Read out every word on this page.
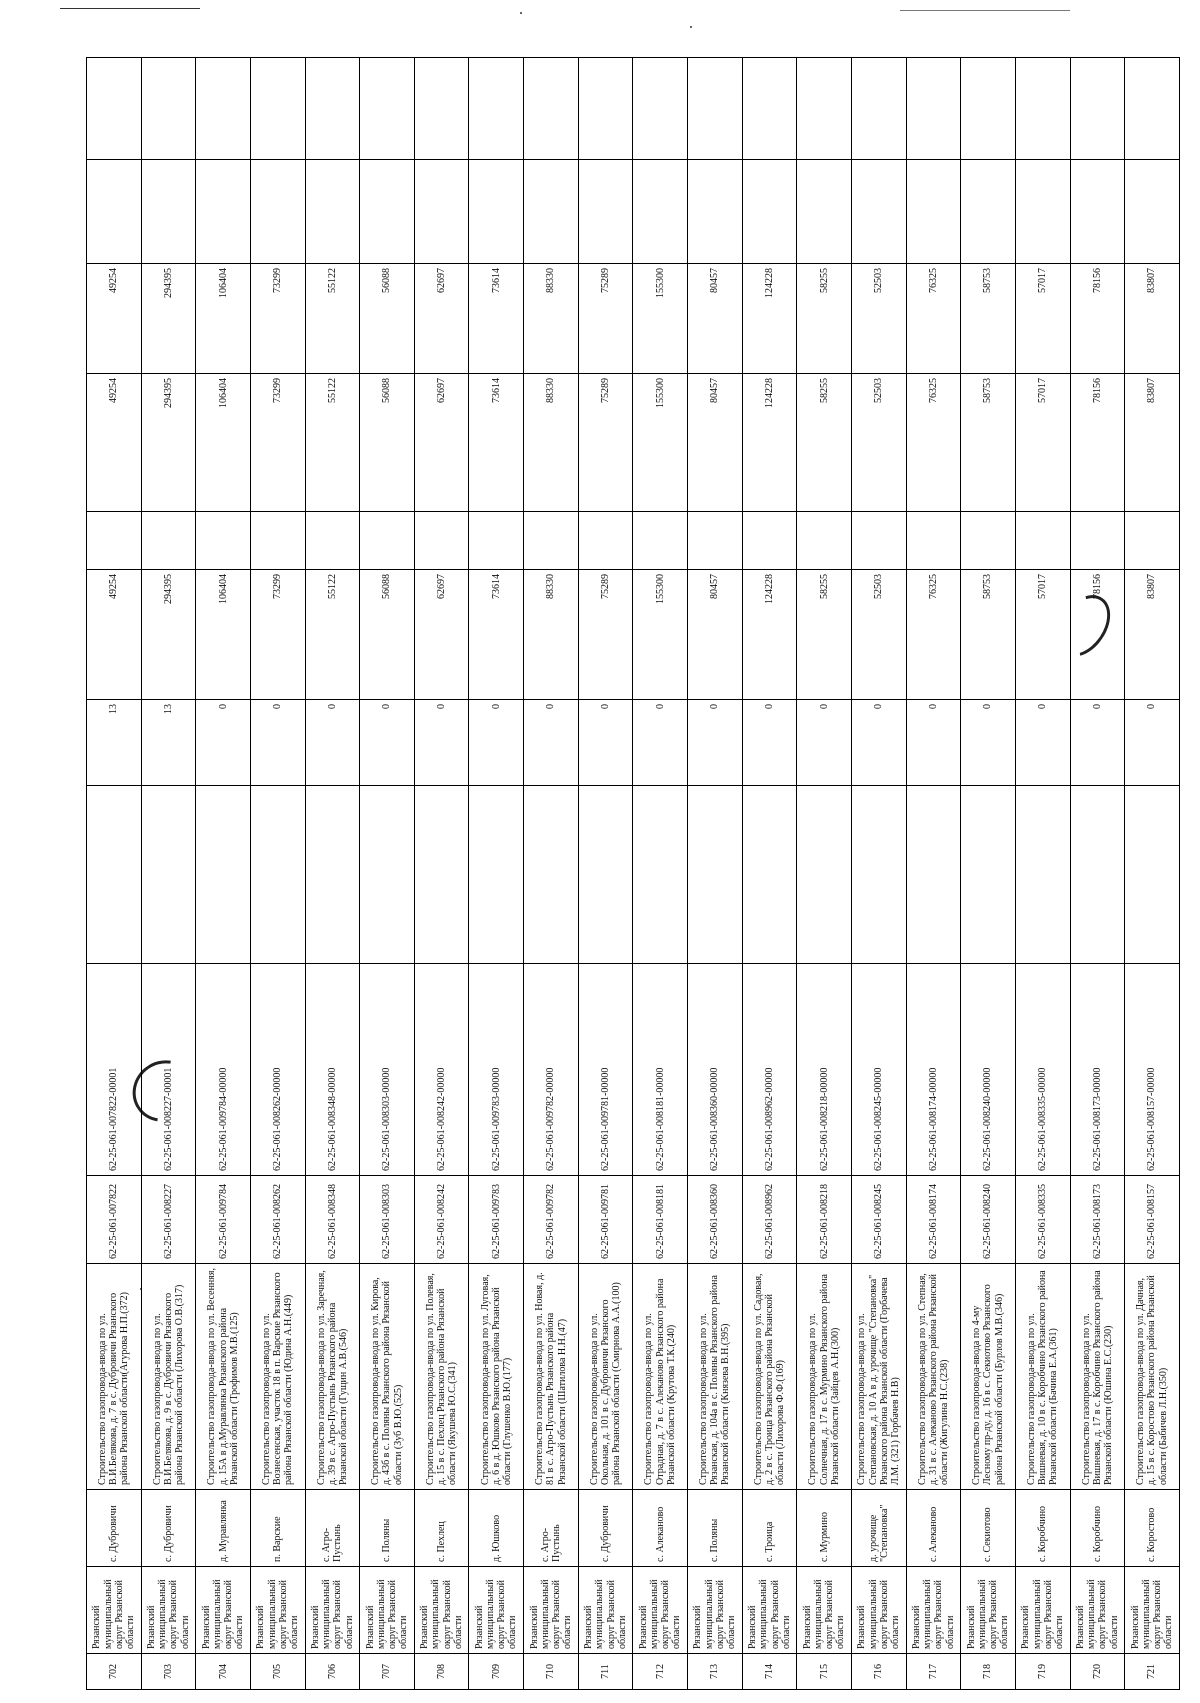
702	Рязанский муниципальный округ Рязанской области	с. Дубровичи	Строительство газопровода-ввода по ул. В.И.Белякова, д. 7 в с. Дубровичи Рязанского района Рязанской области(Агурова Н.П.(372)	62-25-061-007822	62-25-061-007822-00001		13	49254		49254	49254		
703	Рязанский муниципальный округ Рязанской области	с. Дубровичи	Строительство газопровода-ввода по ул. В.И.Белякова, д. 9 в с. Дубровичи Рязанского района Рязанской области (Лихорова О.В.(317)	62-25-061-008227	62-25-061-008227-00001		13	294395		294395	294395		
704	Рязанский муниципальный округ Рязанской области	д. Муравлянка	Строительство газопровода-ввода по ул. Весенняя, д. 15А в д.Муравлянка Рязанского района Рязанской области (Трофимов М.В.(125)	62-25-061-009784	62-25-061-009784-00000		0	106404		106404	106404		
705	Рязанский муниципальный округ Рязанской области	п. Варские	Строительство газопровода-ввода по ул. Вознесенская, участок 18 в п. Варские Рязанского района Рязанской области (Юдина А.Н.(449)	62-25-061-008262	62-25-061-008262-00000		0	73299		73299	73299		
706	Рязанский муниципальный округ Рязанской области	с. Агро-Пустынь	Строительство газопровода-ввода по ул. Заречная, д. 39 в с. Агро-Пустынь Рязанского района Рязанской области (Гущин А.В.(546)	62-25-061-008348	62-25-061-008348-00000		0	55122		55122	55122		
707	Рязанский муниципальный округ Рязанской области	с. Поляны	Строительство газопровода-ввода по ул. Кирова, д. 43б в с. Поляны Рязанского района Рязанской области (Зуб В.Ю.(525)	62-25-061-008303	62-25-061-008303-00000		0	56088		56088	56088		
708	Рязанский муниципальный округ Рязанской области	с. Пехлец	Строительство газопровода-ввода по ул. Полевая, д. 15 в с. Пехлец Рязанского района Рязанской области (Якушева Ю.С.(341)	62-25-061-008242	62-25-061-008242-00000		0	62697		62697	62697		
709	Рязанский муниципальный округ Рязанской области	д. Юшково	Строительство газопровода-ввода по ул. Луговая, д. 6 в д. Юшково Рязанского района Рязанской области (Глушенко В.Ю.(177)	62-25-061-009783	62-25-061-009783-00000		0	73614		73614	73614		
710	Рязанский муниципальный округ Рязанской области	с. Агро-Пустынь	Строительство газопровода-ввода по ул. Новая, д. 81 в с. Агро-Пустынь Рязанского района Рязанской области (Шатилова Н.Н.(47)	62-25-061-009782	62-25-061-009782-00000		0	88330		88330	88330		
711	Рязанский муниципальный округ Рязанской области	с. Дубровичи	Строительство газопровода-ввода по ул. Окольная, д. 101 в с. Дубровичи Рязанского района Рязанской области (Смирнова А.А.(100)	62-25-061-009781	62-25-061-009781-00000		0	75289		75289	75289		
712	Рязанский муниципальный округ Рязанской области	с. Алеканово	Строительство газопровода-ввода по ул. Отрадная, д. 7 в с. Алеканово Рязанского района Рязанской области (Крутова Т.К.(240)	62-25-061-008181	62-25-061-008181-00000		0	155300		155300	155300		
713	Рязанский муниципальный округ Рязанской области	с. Поляны	Строительство газопровода-ввода по ул. Рязанская, д. 104а в с. Поляны Рязанского района Рязанской области (Князева В.Н.(395)	62-25-061-008360	62-25-061-008360-00000		0	80457		80457	80457		
714	Рязанский муниципальный округ Рязанской области	с. Троица	Строительство газопровода-ввода по ул. Садовая, д. 2 в с. Троица Рязанского района Рязанской области (Лихорова Ф.Ф.(169)	62-25-061-008962	62-25-061-008962-00000		0	124228		124228	124228		
715	Рязанский муниципальный округ Рязанской области	с. Мурмино	Строительство газопровода-ввода по ул. Солнечная, д. 17 в с. Мурмино Рязанского района Рязанской области (Зайцев А.Н.(300)	62-25-061-008218	62-25-061-008218-00000		0	58255		58255	58255		
716	Рязанский муниципальный округ Рязанской области	д. урочище "Степановка"	Строительство газопровода-ввода по ул. Степановская, д. 10 А в д. урочище "Степановка" Рязанского района Рязанской области (Горбачева Л.М. (321) Горбачев Н.В)	62-25-061-008245	62-25-061-008245-00000		0	52503		52503	52503		
717	Рязанский муниципальный округ Рязанской области	с. Алеканово	Строительство газопровода-ввода по ул. Степная, д. 31 в с. Алеканово Рязанского района Рязанской области (Жигулина Н.С.(238)	62-25-061-008174	62-25-061-008174-00000		0	76325		76325	76325		
718	Рязанский муниципальный округ Рязанской области	с. Секиотово	Строительство газопровода-ввода по 4-му Лесному пр-ду, д. 16 в с. Секиотово Рязанского района Рязанской области (Бурлов М.В.(346)	62-25-061-008240	62-25-061-008240-00000		0	58753		58753	58753		
719	Рязанский муниципальный округ Рязанской области	с. Коробчино	Строительство газопровода-ввода по ул. Вишневая, д. 10 в с. Коробчино Рязанского района Рязанской области (Бачина Е.А.(361)	62-25-061-008335	62-25-061-008335-00000		0	57017		57017	57017		
720	Рязанский муниципальный округ Рязанской области	с. Коробчино	Строительство газопровода-ввода по ул. Вишневая, д. 17 в с. Коробчино Рязанского района Рязанской области (Юшина Е.С.(230)	62-25-061-008173	62-25-061-008173-00000		0	78156		78156	78156		
721	Рязанский муниципальный округ Рязанской области	с. Коростово	Строительство газопровода-ввода по ул. Дачная, д. 15 в с. Коростово Рязанского района Рязанской области (Бабичев Л.Н.(350)	62-25-061-008157	62-25-061-008157-00000		0	83807		83807	83807		
